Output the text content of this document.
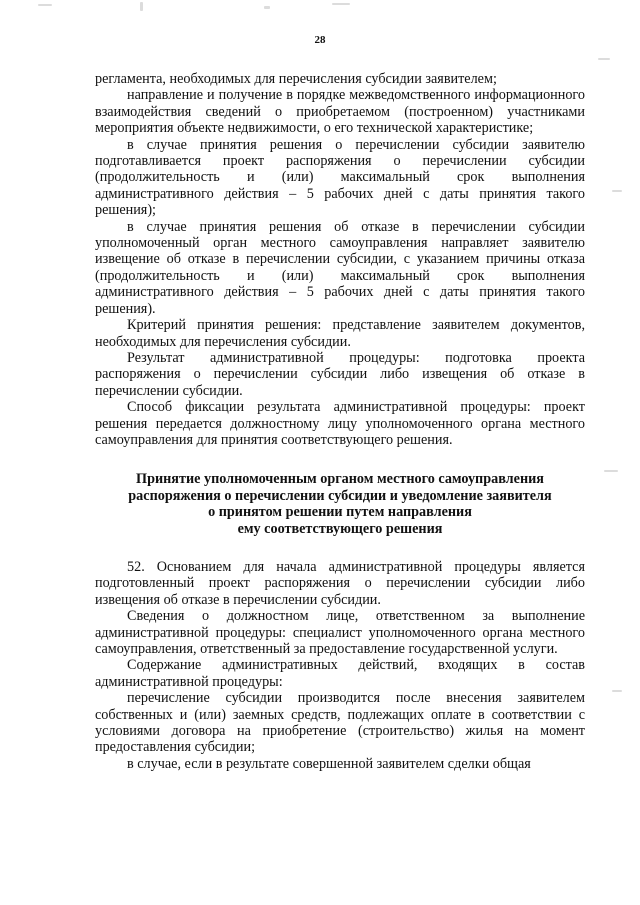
28

регламента, необходимых для перечисления субсидии заявителем;

направление и получение в порядке межведомственного информационного взаимодействия сведений о приобретаемом (построенном) участниками мероприятия объекте недвижимости, о его технической характеристике;

в случае принятия решения о перечислении субсидии заявителю подготавливается проект распоряжения о перечислении субсидии (продолжительность и (или) максимальный срок выполнения административного действия – 5 рабочих дней с даты принятия такого решения);

в случае принятия решения об отказе в перечислении субсидии уполномоченный орган местного самоуправления направляет заявителю извещение об отказе в перечислении субсидии, с указанием причины отказа (продолжительность и (или) максимальный срок выполнения административного действия – 5 рабочих дней с даты принятия такого решения).

Критерий принятия решения: представление заявителем документов, необходимых для перечисления субсидии.

Результат административной процедуры: подготовка проекта распоряжения о перечислении субсидии либо извещения об отказе в перечислении субсидии.

Способ фиксации результата административной процедуры: проект решения передается должностному лицу уполномоченного органа местного самоуправления для принятия соответствующего решения.

Принятие уполномоченным органом местного самоуправления
распоряжения о перечислении субсидии и уведомление заявителя
о принятом решении путем направления
ему соответствующего решения

52. Основанием для начала административной процедуры является подготовленный проект распоряжения о перечислении субсидии либо извещения об отказе в перечислении субсидии.

Сведения о должностном лице, ответственном за выполнение административной процедуры: специалист уполномоченного органа местного самоуправления, ответственный за предоставление государственной услуги.

Содержание административных действий, входящих в состав административной процедуры:

перечисление субсидии производится после внесения заявителем собственных и (или) заемных средств, подлежащих оплате в соответствии с условиями договора на приобретение (строительство) жилья на момент предоставления субсидии;

в случае, если в результате совершенной заявителем сделки общая
